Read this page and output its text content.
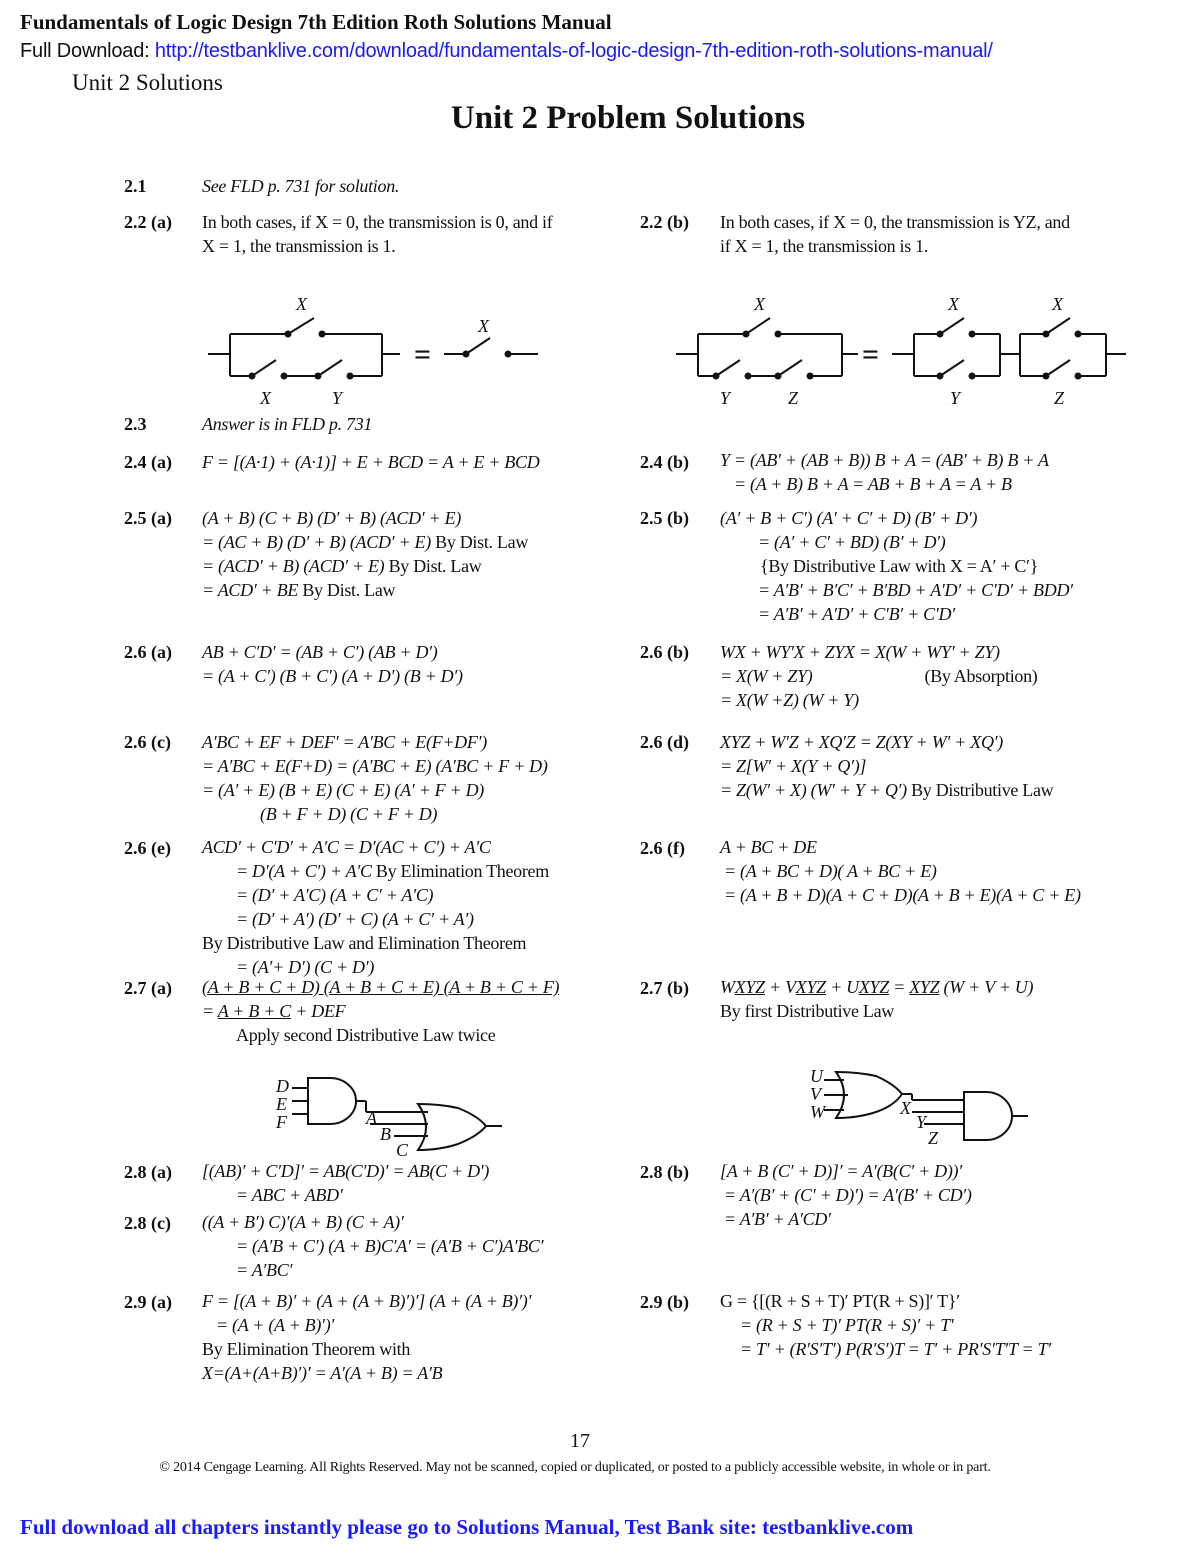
Fundamentals of Logic Design 7th Edition Roth Solutions Manual
Full Download: http://testbanklive.com/download/fundamentals-of-logic-design-7th-edition-roth-solutions-manual/
Unit 2 Solutions
Unit 2 Problem Solutions
2.1	See FLD p. 731 for solution.
2.2 (a) In both cases, if X = 0, the transmission is 0, and if
X = 1, the transmission is 1.
2.2 (b) In both cases, if X = 0, the transmission is YZ, and
if X = 1, the transmission is 1.
X
X	Y
X
=
X
Y	Z
X
Y
X
Z
=
2.3	Answer is in FLD p. 731
2.4 (a) F = [(A·1) + (A·1)] + E + BCD = A + E + BCD	2.4 (b) Y = (AB′ + (AB + B)) B + A = (AB′ + B) B + A
= (A + B) B + A = AB + B + A = A + B
2.5 (a) (A + B) (C + B) (D′ + B) (ACD′ + E)
= (AC + B) (D′ + B) (ACD′ + E) By Dist. Law
= (ACD′ + B) (ACD′ + E) By Dist. Law
= ACD′ + BE By Dist. Law
2.5 (b) (A′ + B + C′) (A′ + C′ + D) (B′ + D′)
= (A′ + C′ + BD) (B′ + D′)
{By Distributive Law with X = A′ + C′}
= A′B′ + B′C′ + B′BD + A′D′ + C′D′ + BDD′
= A′B′ + A′D′ + C′B′ + C′D′
2.6 (a) AB + C′D′ = (AB + C′) (AB + D′)
= (A + C′) (B + C′) (A + D′) (B + D′)
2.6 (b) WX + WY′X + ZYX = X(W + WY′ + ZY)
= X(W + ZY)	(By Absorption)
= X(W +Z) (W + Y)
2.6 (c) A′BC + EF + DEF′ = A′BC + E(F+DF′)
= A′BC + E(F+D) = (A′BC + E) (A′BC + F + D)
= (A′ + E) (B + E) (C + E) (A′ + F + D)
(B + F + D) (C + F + D)
2.6 (d) XYZ + W′Z + XQ′Z = Z(XY + W′ + XQ′)
= Z[W′ + X(Y + Q′)]
= Z(W′ + X) (W′ + Y + Q′) By Distributive Law
2.6 (e) ACD′ + C′D′ + A′C = D′(AC + C′) + A′C
= D′(A + C′) + A′C By Elimination Theorem
= (D′ + A′C) (A + C′ + A′C)
= (D′ + A′) (D′ + C) (A + C′ + A′)
By Distributive Law and Elimination Theorem
= (A′+ D′) (C + D′)
2.6 (f) A + BC + DE
= (A + BC + D)( A + BC + E)
= (A + B + D)(A + C + D)(A + B + E)(A + C + E)
2.7 (a) (A + B + C + D) (A + B + C + E) (A + B + C + F)
= A + B + C + DEF
Apply second Distributive Law twice
2.7 (b) WXYZ + VXYZ + UXYZ = XYZ (W + V + U)
By first Distributive Law
D
E
F	A
B
C
U
V
W	X
Y
Z
2.8 (a) [(AB)′ + C′D]′ = AB(C′D)′ = AB(C + D′)
= ABC + ABD′
2.8 (c) ((A + B′) C)′(A + B) (C + A)′
= (A′B + C′) (A + B)C′A′ = (A′B + C′)A′BC′
= A′BC′
2.8 (b) [A + B (C′ + D)]′ = A′(B(C′ + D))′
= A′(B′ + (C′ + D)′) = A′(B′ + CD′)
= A′B′ + A′CD′
2.9 (a) F = [(A + B)′ + (A + (A + B)′)′] (A + (A + B)′)′
= (A + (A + B)′)′
By Elimination Theorem with
X=(A+(A+B)′)′ = A′(A + B) = A′B
2.9 (b) G = {[(R + S + T)′ PT(R + S)]′ T}′
= (R + S + T)′ PT(R + S)′ + T′
= T′ + (R′S′T′) P(R′S′)T = T′ + PR′S′T′T = T′
17
© 2014 Cengage Learning. All Rights Reserved. May not be scanned, copied or duplicated, or posted to a publicly accessible website, in whole or in part.
Full download all chapters instantly please go to Solutions Manual, Test Bank site: testbanklive.com
